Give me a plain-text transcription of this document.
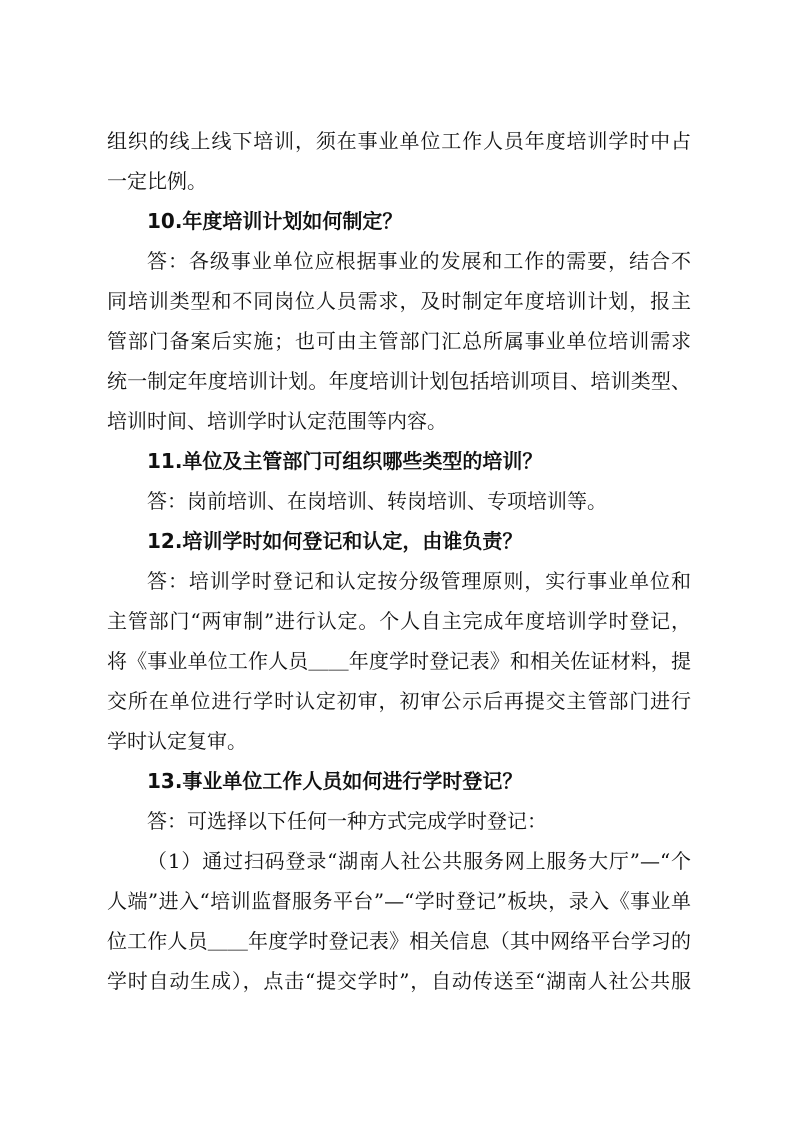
组织的线上线下培训，须在事业单位工作人员年度培训学时中占
一定比例。
10.年度培训计划如何制定？
答：各级事业单位应根据事业的发展和工作的需要，结合不
同培训类型和不同岗位人员需求，及时制定年度培训计划，报主
管部门备案后实施；也可由主管部门汇总所属事业单位培训需求
统一制定年度培训计划。年度培训计划包括培训项目、培训类型、
培训时间、培训学时认定范围等内容。
11.单位及主管部门可组织哪些类型的培训？
答：岗前培训、在岗培训、转岗培训、专项培训等。
12.培训学时如何登记和认定，由谁负责？
答：培训学时登记和认定按分级管理原则，实行事业单位和
主管部门“两审制”进行认定。个人自主完成年度培训学时登记，
将《事业单位工作人员＿＿年度学时登记表》和相关佐证材料，提
交所在单位进行学时认定初审，初审公示后再提交主管部门进行
学时认定复审。
13.事业单位工作人员如何进行学时登记？
答：可选择以下任何一种方式完成学时登记：
（1）通过扫码登录“湖南人社公共服务网上服务大厅”—“个
人端”进入“培训监督服务平台”—“学时登记”板块，录入《事业单
位工作人员＿＿年度学时登记表》相关信息（其中网络平台学习的
学时自动生成），点击“提交学时”，自动传送至“湖南人社公共服
